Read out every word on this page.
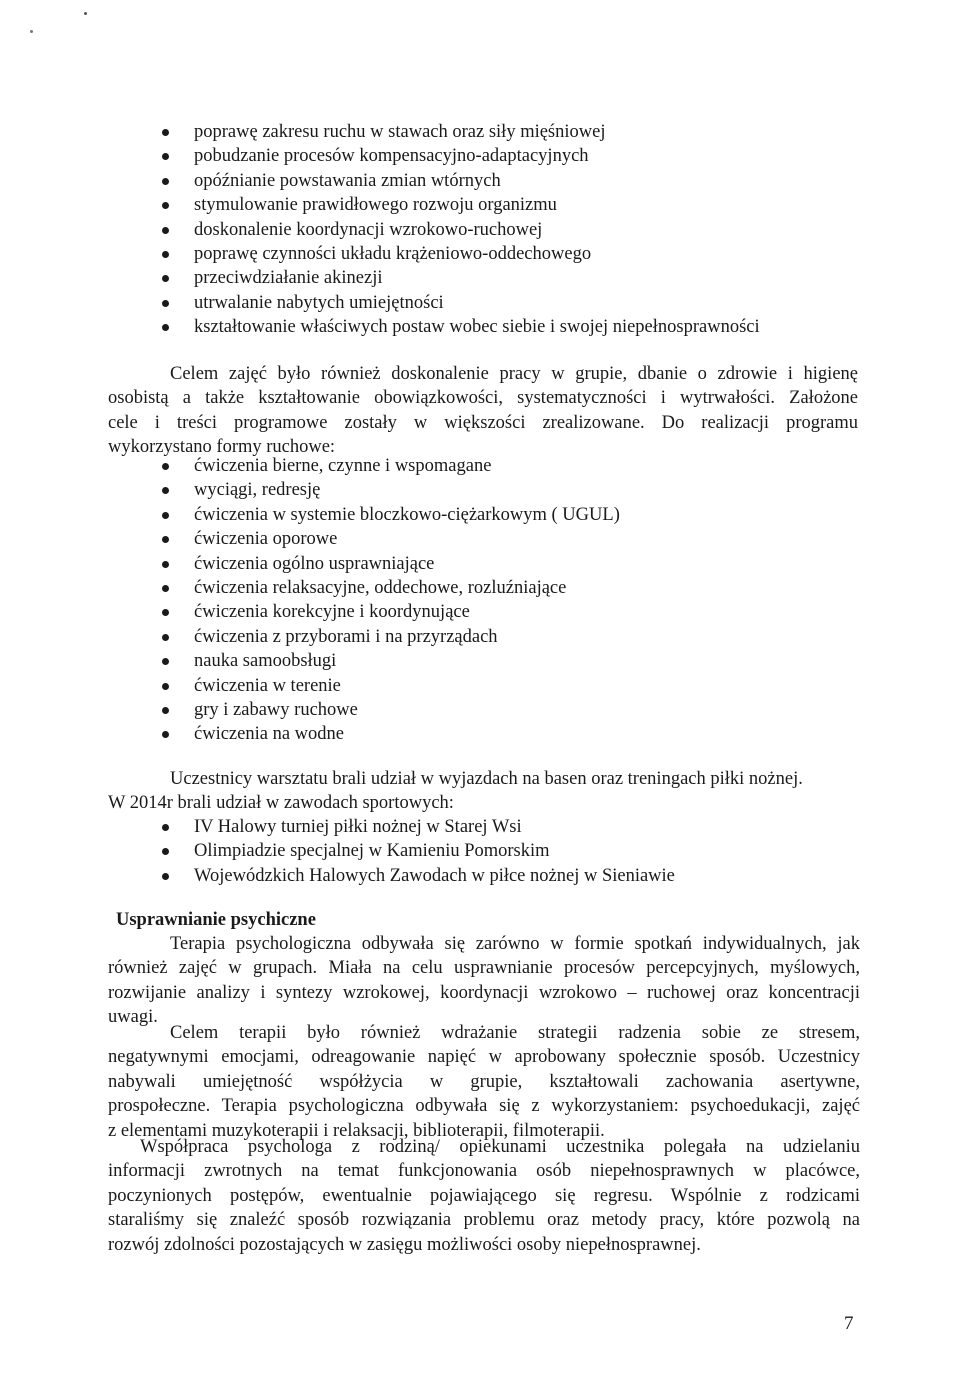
poprawę zakresu ruchu w stawach oraz siły mięśniowej
pobudzanie procesów kompensacyjno-adaptacyjnych
opóźnianie powstawania zmian wtórnych
stymulowanie prawidłowego rozwoju organizmu
doskonalenie koordynacji wzrokowo-ruchowej
poprawę czynności układu krążeniowo-oddechowego
przeciwdziałanie akinezji
utrwalanie nabytych umiejętności
kształtowanie właściwych postaw wobec siebie i swojej niepełnosprawności
Celem zajęć było również doskonalenie pracy w grupie, dbanie o zdrowie i higienę
osobistą a także kształtowanie obowiązkowości, systematyczności i wytrwałości. Założone
cele i treści programowe zostały w większości zrealizowane. Do realizacji programu
wykorzystano formy ruchowe:
ćwiczenia bierne, czynne i wspomagane
wyciągi, redresję
ćwiczenia w systemie bloczkowo-ciężarkowym ( UGUL)
ćwiczenia oporowe
ćwiczenia ogólno usprawniające
ćwiczenia relaksacyjne, oddechowe, rozluźniające
ćwiczenia korekcyjne i koordynujące
ćwiczenia z przyborami i na przyrządach
nauka samoobsługi
ćwiczenia w terenie
gry i zabawy ruchowe
ćwiczenia na wodne
Uczestnicy warsztatu brali udział w wyjazdach na basen oraz treningach piłki nożnej.
W 2014r brali udział w zawodach sportowych:
IV Halowy turniej piłki nożnej w Starej Wsi
Olimpiadzie specjalnej w Kamieniu Pomorskim
Wojewódzkich Halowych Zawodach w piłce nożnej w Sieniawie
Usprawnianie psychiczne
Terapia psychologiczna odbywała się zarówno w formie spotkań indywidualnych, jak
również zajęć w grupach. Miała na celu usprawnianie procesów percepcyjnych, myślowych,
rozwijanie analizy i syntezy wzrokowej, koordynacji wzrokowo – ruchowej oraz koncentracji
uwagi.
Celem terapii było również wdrażanie strategii radzenia sobie ze stresem,
negatywnymi emocjami, odreagowanie napięć w aprobowany społecznie sposób. Uczestnicy
nabywali umiejętność współżycia w grupie, kształtowali zachowania asertywne,
prospołeczne. Terapia psychologiczna odbywała się z wykorzystaniem: psychoedukacji, zajęć
z elementami muzykoterapii i relaksacji, biblioterapii, filmoterapii.
Współpraca psychologa z rodziną/ opiekunami uczestnika polegała na udzielaniu
informacji zwrotnych na temat funkcjonowania osób niepełnosprawnych w placówce,
poczynionych postępów, ewentualnie pojawiającego się regresu. Wspólnie z rodzicami
staraliśmy się znaleźć sposób rozwiązania problemu oraz metody pracy, które pozwolą na
rozwój zdolności pozostających w zasięgu możliwości osoby niepełnosprawnej.
7
